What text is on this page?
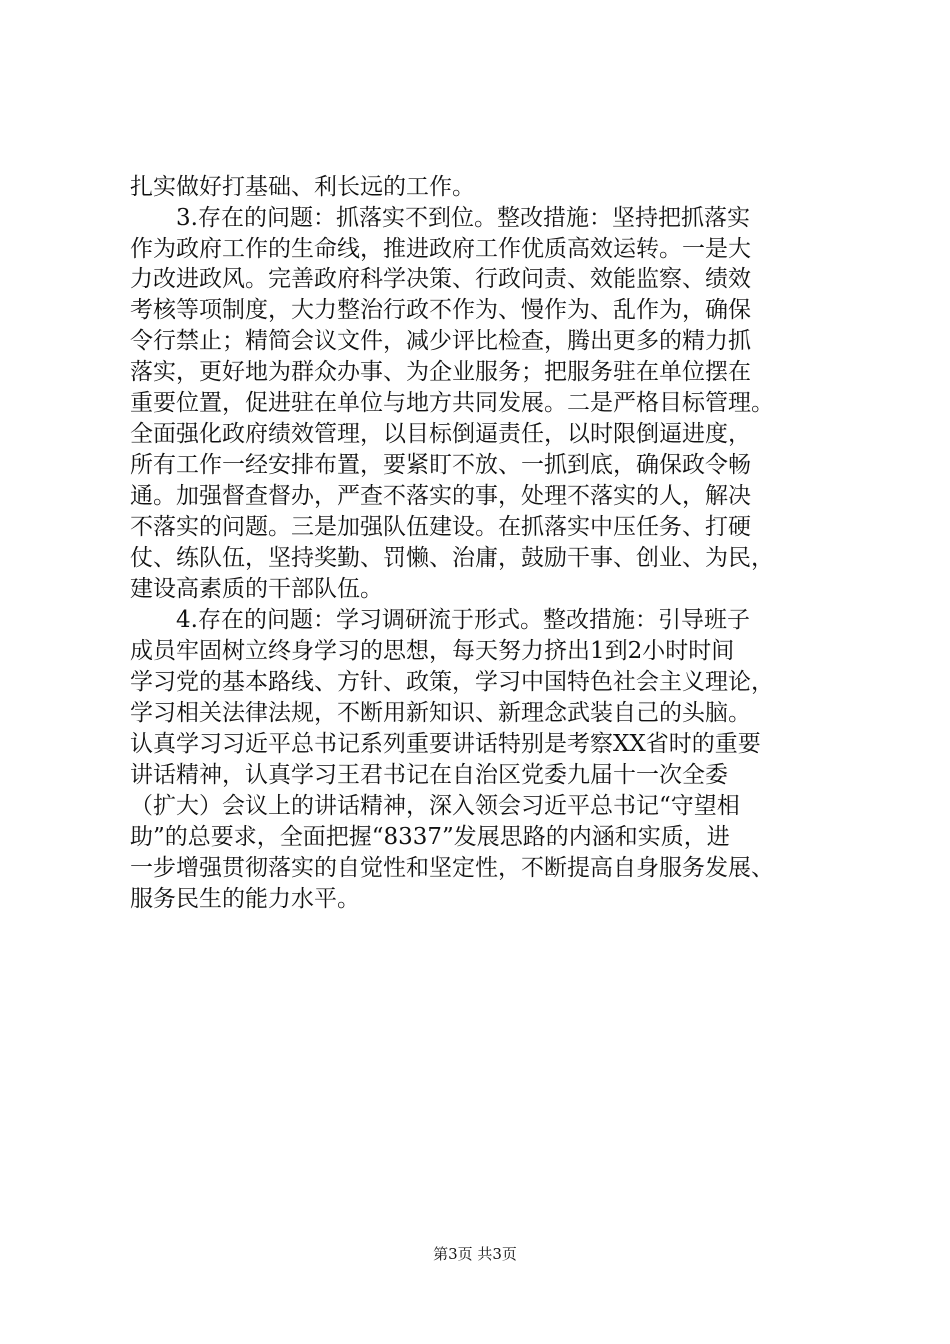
扎实做好打基础、利长远的工作。
3.存在的问题：抓落实不到位。整改措施：坚持把抓落实
作为政府工作的生命线，推进政府工作优质高效运转。一是大
力改进政风。完善政府科学决策、行政问责、效能监察、绩效
考核等项制度，大力整治行政不作为、慢作为、乱作为，确保
令行禁止；精简会议文件，减少评比检查，腾出更多的精力抓
落实，更好地为群众办事、为企业服务；把服务驻在单位摆在
重要位置，促进驻在单位与地方共同发展。二是严格目标管理。
全面强化政府绩效管理，以目标倒逼责任，以时限倒逼进度，
所有工作一经安排布置，要紧盯不放、一抓到底，确保政令畅
通。加强督查督办，严查不落实的事，处理不落实的人，解决
不落实的问题。三是加强队伍建设。在抓落实中压任务、打硬
仗、练队伍，坚持奖勤、罚懒、治庸，鼓励干事、创业、为民，
建设高素质的干部队伍。
4.存在的问题：学习调研流于形式。整改措施：引导班子
成员牢固树立终身学习的思想，每天努力挤出1到2小时时间
学习党的基本路线、方针、政策，学习中国特色社会主义理论，
学习相关法律法规，不断用新知识、新理念武装自己的头脑。
认真学习习近平总书记系列重要讲话特别是考察XX省时的重要
讲话精神，认真学习王君书记在自治区党委九届十一次全委
（扩大）会议上的讲话精神，深入领会习近平总书记“守望相
助”的总要求，全面把握“8337”发展思路的内涵和实质，进
一步增强贯彻落实的自觉性和坚定性，不断提高自身服务发展、
服务民生的能力水平。
第3页 共3页
